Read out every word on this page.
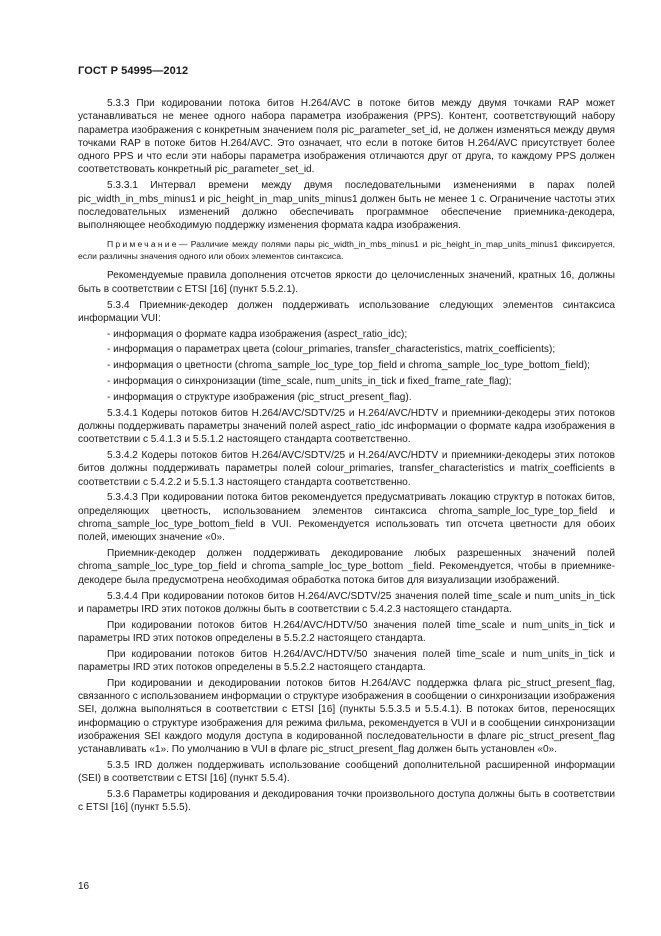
ГОСТ Р 54995—2012

5.3.3 При кодировании потока битов H.264/AVC в потоке битов между двумя точками RAP может устанавливаться не менее одного набора параметра изображения (PPS). Контент, соответствующий набору параметра изображения с конкретным значением поля pic_parameter_set_id, не должен изменяться между двумя точками RAP в потоке битов H.264/AVC. Это означает, что если в потоке битов H.264/AVC присутствует более одного PPS и что если эти наборы параметра изображения отличаются друг от друга, то каждому PPS должен соответствовать конкретный pic_parameter_set_id.

5.3.3.1 Интервал времени между двумя последовательными изменениями в парах полей pic_width_in_mbs_minus1 и pic_height_in_map_units_minus1 должен быть не менее 1 с. Ограничение частоты этих последовательных изменений должно обеспечивать программное обеспечение приемника-декодера, выполняющее необходимую поддержку изменения формата кадра изображения.

Примечание— Различие между полями пары pic_width_in_mbs_minus1 и pic_height_in_map_units_minus1 фиксируется, если различны значения одного или обоих элементов синтаксиса.

Рекомендуемые правила дополнения отсчетов яркости до целочисленных значений, кратных 16, должны быть в соответствии с ETSI [16] (пункт 5.5.2.1).

5.3.4 Приемник-декодер должен поддерживать использование следующих элементов синтаксиса информации VUI:

- информация о формате кадра изображения (aspect_ratio_idc);

- информация о параметрах цвета (colour_primaries, transfer_characteristics, matrix_coefficients);

- информация о цветности (chroma_sample_loc_type_top_field и chroma_sample_loc_type_bottom_field);

- информация о синхронизации (time_scale, num_units_in_tick и fixed_frame_rate_flag);

- информация о структуре изображения (pic_struct_present_flag).

5.3.4.1 Кодеры потоков битов H.264/AVC/SDTV/25 и H.264/AVC/HDTV и приемники-декодеры этих потоков должны поддерживать параметры значений полей aspect_ratio_idc информации о формате кадра изображения в соответствии с 5.4.1.3 и 5.5.1.2 настоящего стандарта соответственно.

5.3.4.2 Кодеры потоков битов H.264/AVC/SDTV/25 и H.264/AVC/HDTV и приемники-декодеры этих потоков битов должны поддерживать параметры полей colour_primaries, transfer_characteristics и matrix_coefficients в соответствии с 5.4.2.2 и 5.5.1.3 настоящего стандарта соответственно.

5.3.4.3 При кодировании потока битов рекомендуется предусматривать локацию структур в потоках битов, определяющих цветность, использованием элементов синтаксиса chroma_sample_loc_type_top_field и chroma_sample_loc_type_bottom_field в VUI. Рекомендуется использовать тип отсчета цветности для обоих полей, имеющих значение «0».

Приемник-декодер должен поддерживать декодирование любых разрешенных значений полей chroma_sample_loc_type_top_field и chroma_sample_loc_type_bottom _field. Рекомендуется, чтобы в приемнике-декодере была предусмотрена необходимая обработка потока битов для визуализации изображений.

5.3.4.4 При кодировании потоков битов H.264/AVC/SDTV/25 значения полей time_scale и num_units_in_tick и параметры IRD этих потоков должны быть в соответствии с 5.4.2.3 настоящего стандарта.

При кодировании потоков битов H.264/AVC/HDTV/50 значения полей time_scale и num_units_in_tick и параметры IRD этих потоков определены в 5.5.2.2 настоящего стандарта.

При кодировании потоков битов H.264/AVC/HDTV/50 значения полей time_scale и num_units_in_tick и параметры IRD этих потоков определены в 5.5.2.2 настоящего стандарта.

При кодировании и декодировании потоков битов H.264/AVC поддержка флага pic_struct_present_flag, связанного с использованием информации о структуре изображения в сообщении о синхронизации изображения SEI, должна выполняться в соответствии с ETSI [16] (пункты 5.5.3.5 и 5.5.4.1). В потоках битов, переносящих информацию о структуре изображения для режима фильма, рекомендуется в VUI и в сообщении синхронизации изображения SEI каждого модуля доступа в кодированной последовательности в флаге pic_struct_present_flag устанавливать «1». По умолчанию в VUI в флаге pic_struct_present_flag должен быть установлен «0».

5.3.5 IRD должен поддерживать использование сообщений дополнительной расширенной информации (SEI) в соответствии с ETSI [16] (пункт 5.5.4).

5.3.6 Параметры кодирования и декодирования точки произвольного доступа должны быть в соответствии с ETSI [16] (пункт 5.5.5).

16
